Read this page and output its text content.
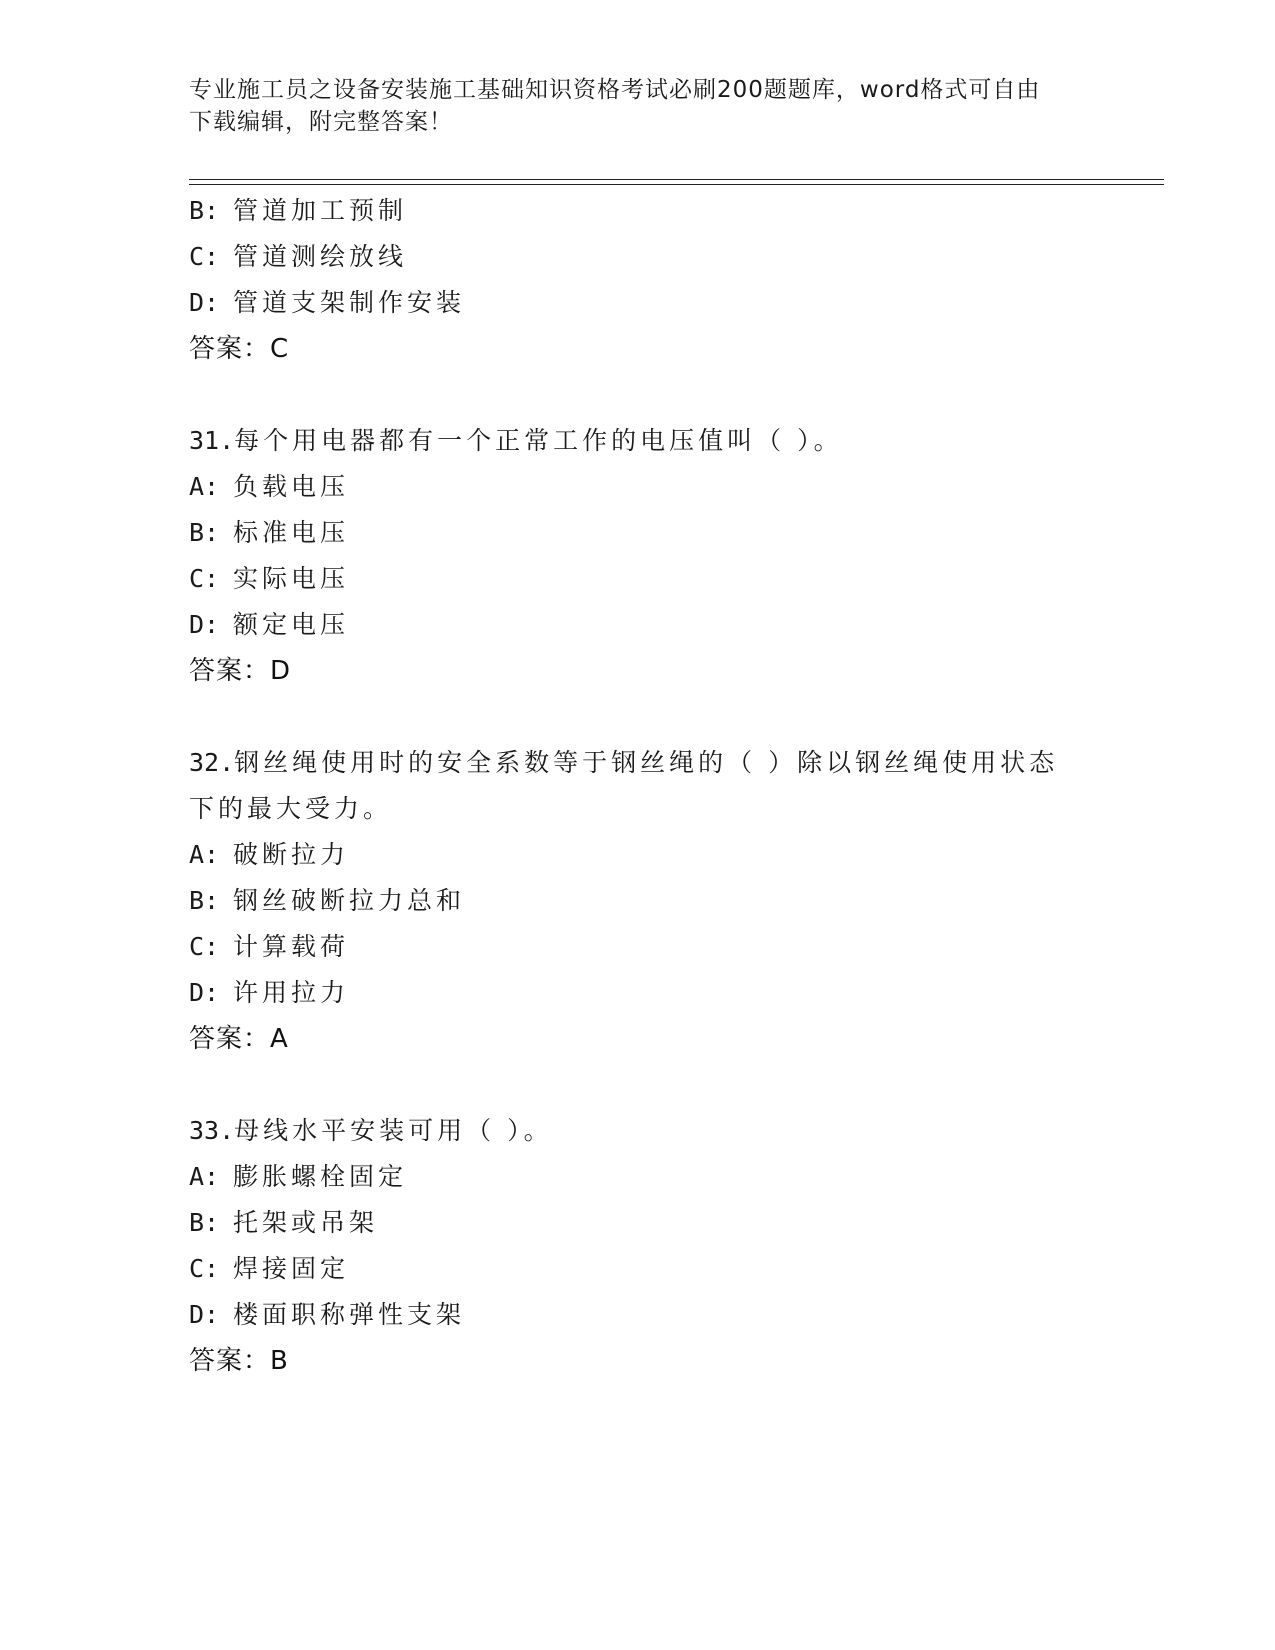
专业施工员之设备安装施工基础知识资格考试必刷200题题库，word格式可自由
下载编辑，附完整答案！
B: 管道加工预制
C: 管道测绘放线
D: 管道支架制作安装
答案：C
31.每个用电器都有一个正常工作的电压值叫（ ）。
A: 负载电压
B: 标准电压
C: 实际电压
D: 额定电压
答案：D
32.钢丝绳使用时的安全系数等于钢丝绳的（ ）除以钢丝绳使用状态
下的最大受力。
A: 破断拉力
B: 钢丝破断拉力总和
C: 计算载荷
D: 许用拉力
答案：A
33.母线水平安装可用（ ）。
A: 膨胀螺栓固定
B: 托架或吊架
C: 焊接固定
D: 楼面职称弹性支架
答案：B
